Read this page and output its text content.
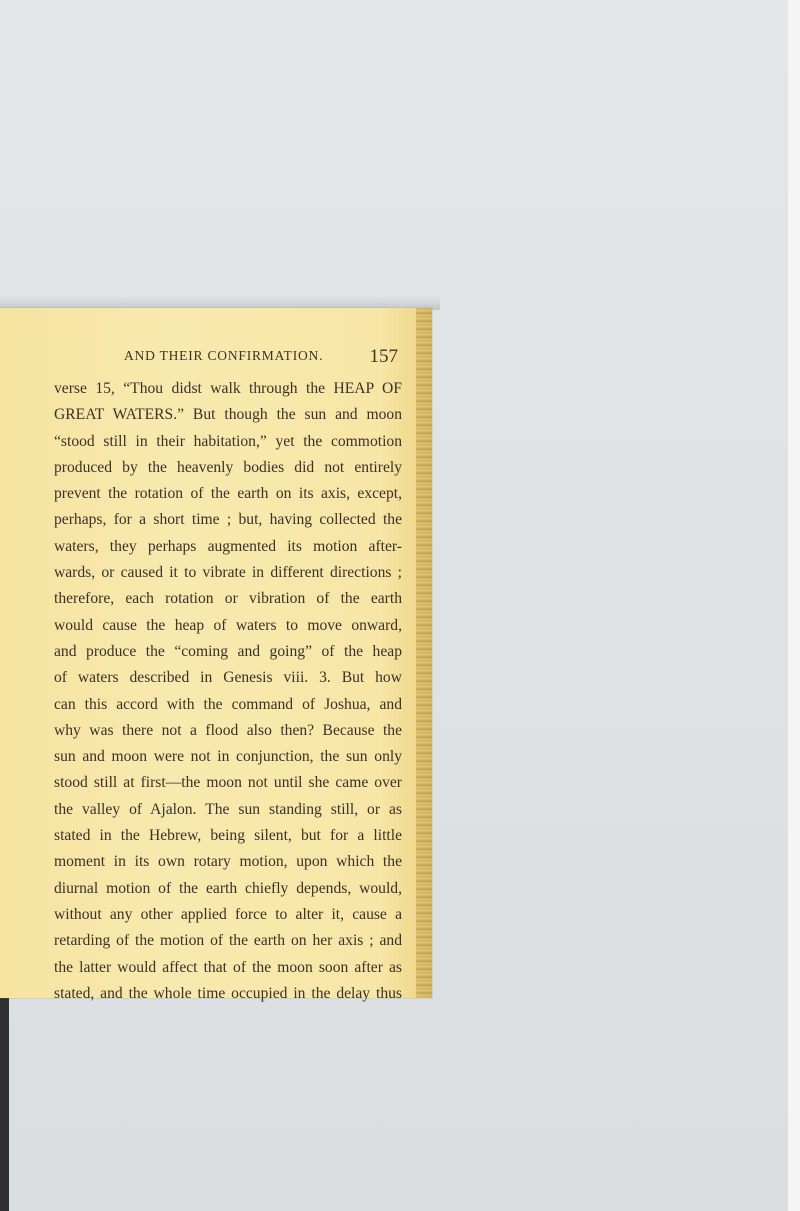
AND THEIR CONFIRMATION. 157
verse 15, “Thou didst walk through the HEAP OF
GREAT WATERS.” But though the sun and moon
“stood still in their habitation,” yet the commotion
produced by the heavenly bodies did not entirely
prevent the rotation of the earth on its axis, except,
perhaps, for a short time ; but, having collected the
waters, they perhaps augmented its motion after-
wards, or caused it to vibrate in different directions ;
therefore, each rotation or vibration of the earth
would cause the heap of waters to move onward,
and produce the “coming and going” of the heap
of waters described in Genesis viii. 3. But how
can this accord with the command of Joshua, and
why was there not a flood also then? Because the
sun and moon were not in conjunction, the sun only
stood still at first—the moon not until she came over
the valley of Ajalon. The sun standing still, or as
stated in the Hebrew, being silent, but for a little
moment in its own rotary motion, upon which the
diurnal motion of the earth chiefly depends, would,
without any other applied force to alter it, cause a
retarding of the motion of the earth on her axis ; and
the latter would affect that of the moon soon after as
stated, and the whole time occupied in the delay thus
